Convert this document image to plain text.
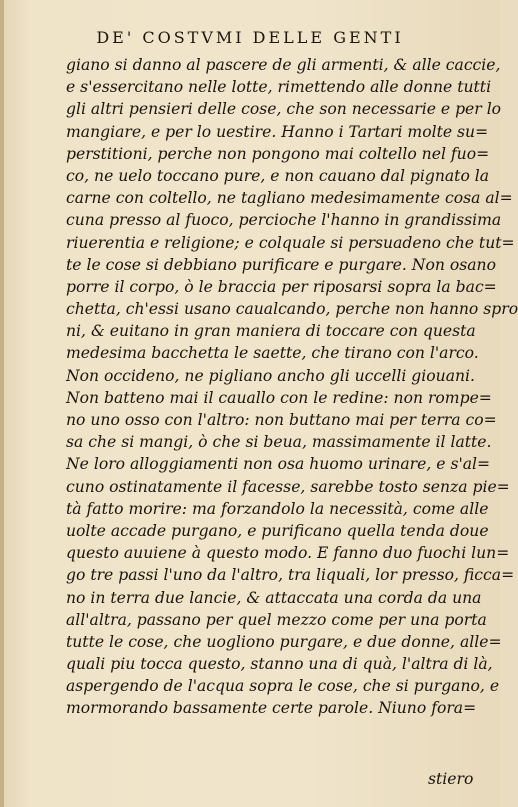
DE' COSTVMI DELLE GENTI
giano si danno al pascere de gli armenti, & alle caccie,
e s'essercitano nelle lotte, rimettendo alle donne tutti
gli altri pensieri delle cose, che son necessarie e per lo
mangiare, e per lo uestire. Hanno i Tartari molte su=
perstitioni, perche non pongono mai coltello nel fuo=
co, ne uelo toccano pure, e non cauano dal pignato la
carne con coltello, ne tagliano medesimamente cosa al=
cuna presso al fuoco, percioche l'hanno in grandissima
riuerentia e religione; e colquale si persuadeno che tut=
te le cose si debbiano purificare e purgare. Non osano
porre il corpo, ò le braccia per riposarsi sopra la bac=
chetta, ch'essi usano caualcando, perche non hanno spro
ni, & euitano in gran maniera di toccare con questa
medesima bacchetta le saette, che tirano con l'arco.
Non occideno, ne pigliano ancho gli uccelli giouani.
Non batteno mai il cauallo con le redine: non rompe=
no uno osso con l'altro: non buttano mai per terra co=
sa che si mangi, ò che si beua, massimamente il latte.
Ne loro alloggiamenti non osa huomo urinare, e s'al=
cuno ostinatamente il facesse, sarebbe tosto senza pie=
tà fatto morire: ma forzandolo la necessità, come alle
uolte accade purgano, e purificano quella tenda doue
questo auuiene à questo modo. E fanno duo fuochi lun=
go tre passi l'uno da l'altro, tra liquali, lor presso, ficca=
no in terra due lancie, & attaccata una corda da una
all'altra, passano per quel mezzo come per una porta
tutte le cose, che uogliono purgare, e due donne, alle=
quali piu tocca questo, stanno una di quà, l'altra di là,
aspergendo de l'acqua sopra le cose, che si purgano, e
mormorando bassamente certe parole. Niuno fora=
stiero
